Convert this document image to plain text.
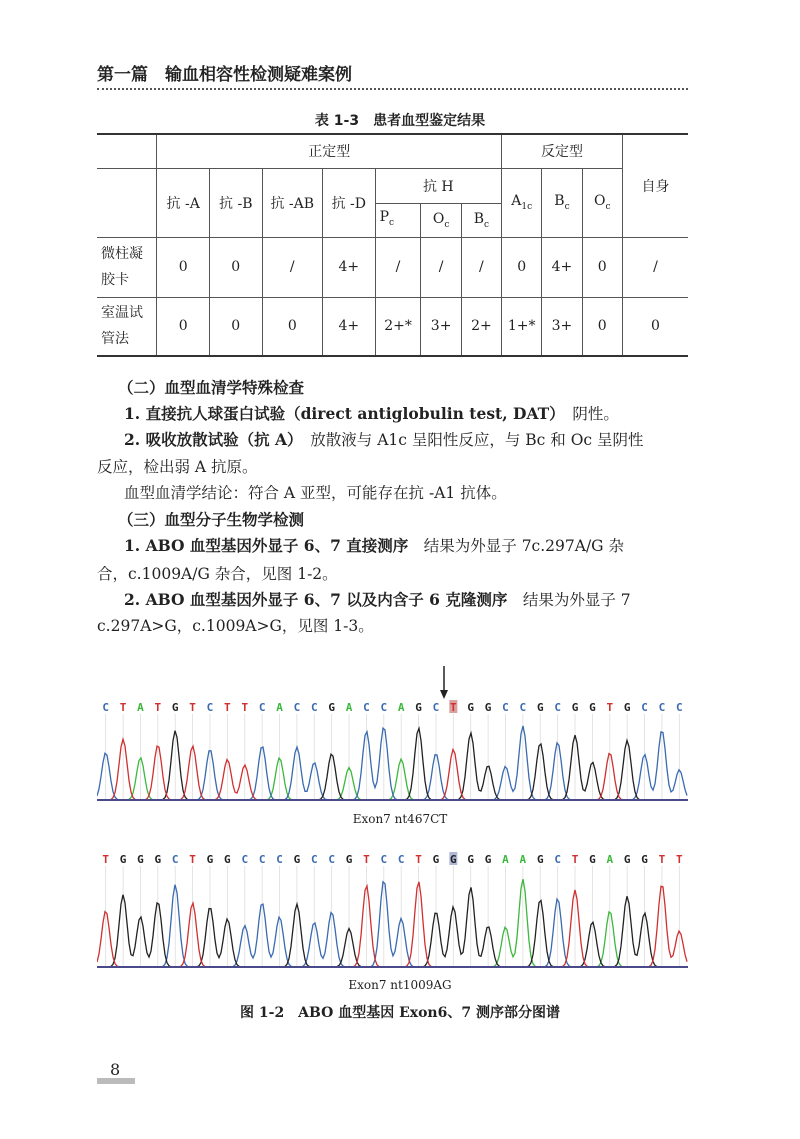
第一篇　输血相容性检测疑难案例
表 1-3　患者血型鉴定结果
	正定型							反定型			自身
	抗 -A	抗 -B	抗 -AB	抗 -D	抗 H			$A_{1c}$	$B_c$	$O_c$
					$P_c$	$O_c$	$B_c$
微柱凝胶卡	0	0	/	4+	/	/	/	0	4+	0	/
室温试管法	0	0	0	4+	2+*	3+	2+	1+*	3+	0	0
（二）血型血清学特殊检查
1. 直接抗人球蛋白试验（direct antiglobulin test, DAT）　阴性。
2. 吸收放散试验（抗 A）　放散液与 A1c 呈阳性反应，与 Bc 和 Oc 呈阴性
反应，检出弱 A 抗原。
血型血清学结论：符合 A 亚型，可能存在抗 -A1 抗体。
（三）血型分子生物学检测
1. ABO 血型基因外显子 6、7 直接测序　结果为外显子 7c.297A/G 杂
合，c.1009A/G 杂合，见图 1-2。
2. ABO 血型基因外显子 6、7 以及内含子 6 克隆测序　结果为外显子 7
c.297A>G，c.1009A>G，见图 1-3。
C T A T G T C T T C A C C G A C C A G C T G G C C G C G G T G C C C
Exon7 nt467CT
T G G G C T G G C C C G C C G T C C T G G G G A A G C T G A G G T T
Exon7 nt1009AG
图 1-2　ABO 血型基因 Exon6、7 测序部分图谱
8
